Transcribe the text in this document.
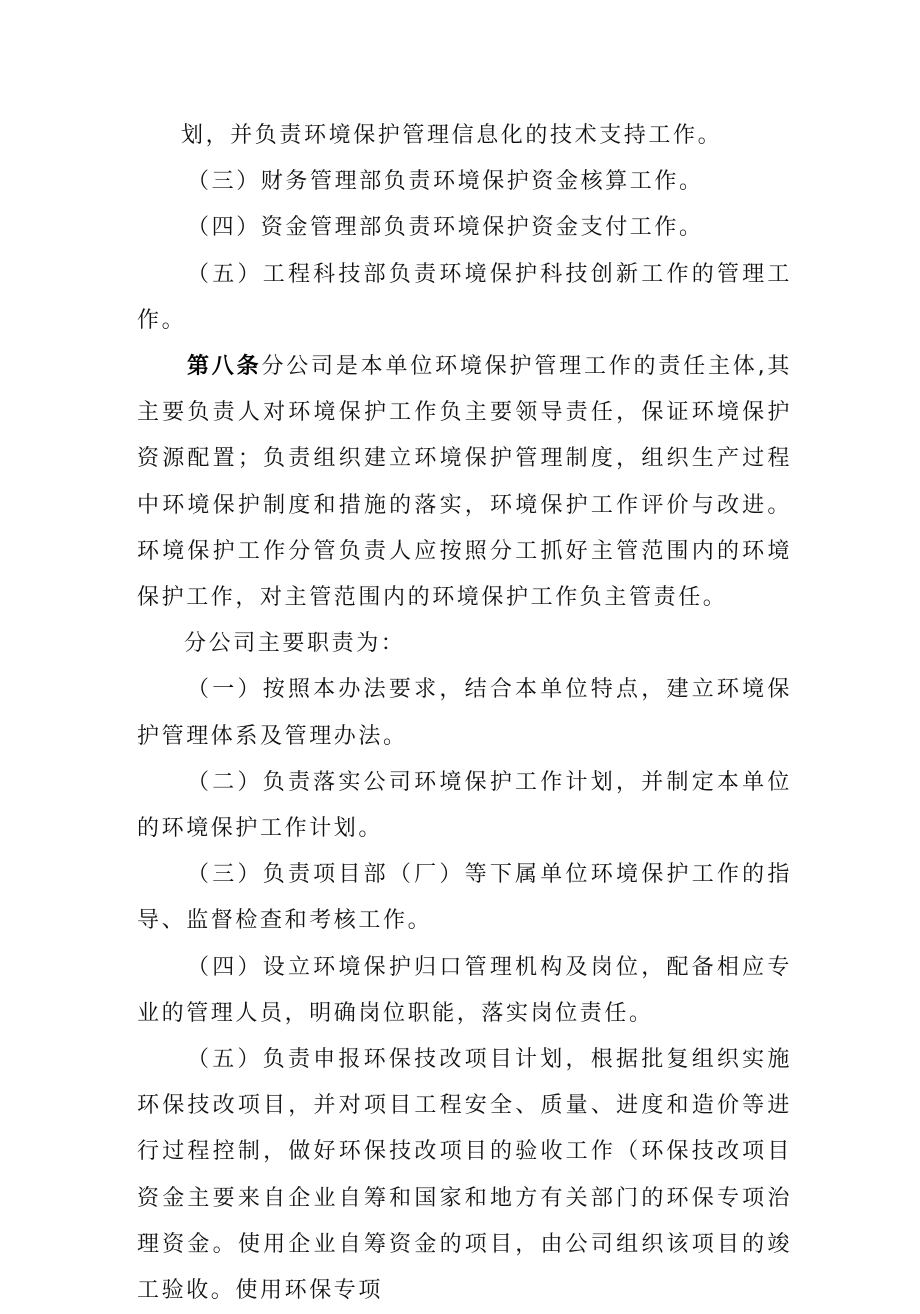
划，并负责环境保护管理信息化的技术支持工作。

（三）财务管理部负责环境保护资金核算工作。

（四）资金管理部负责环境保护资金支付工作。

（五）工程科技部负责环境保护科技创新工作的管理工作。

第八条分公司是本单位环境保护管理工作的责任主体,其主要负责人对环境保护工作负主要领导责任，保证环境保护资源配置；负责组织建立环境保护管理制度，组织生产过程中环境保护制度和措施的落实，环境保护工作评价与改进。环境保护工作分管负责人应按照分工抓好主管范围内的环境保护工作，对主管范围内的环境保护工作负主管责任。

分公司主要职责为：

（一）按照本办法要求，结合本单位特点，建立环境保护管理体系及管理办法。

（二）负责落实公司环境保护工作计划，并制定本单位的环境保护工作计划。

（三）负责项目部（厂）等下属单位环境保护工作的指导、监督检查和考核工作。

（四）设立环境保护归口管理机构及岗位，配备相应专业的管理人员，明确岗位职能，落实岗位责任。

（五）负责申报环保技改项目计划，根据批复组织实施环保技改项目，并对项目工程安全、质量、进度和造价等进行过程控制，做好环保技改项目的验收工作（环保技改项目资金主要来自企业自筹和国家和地方有关部门的环保专项治理资金。使用企业自筹资金的项目，由公司组织该项目的竣工验收。使用环保专项
